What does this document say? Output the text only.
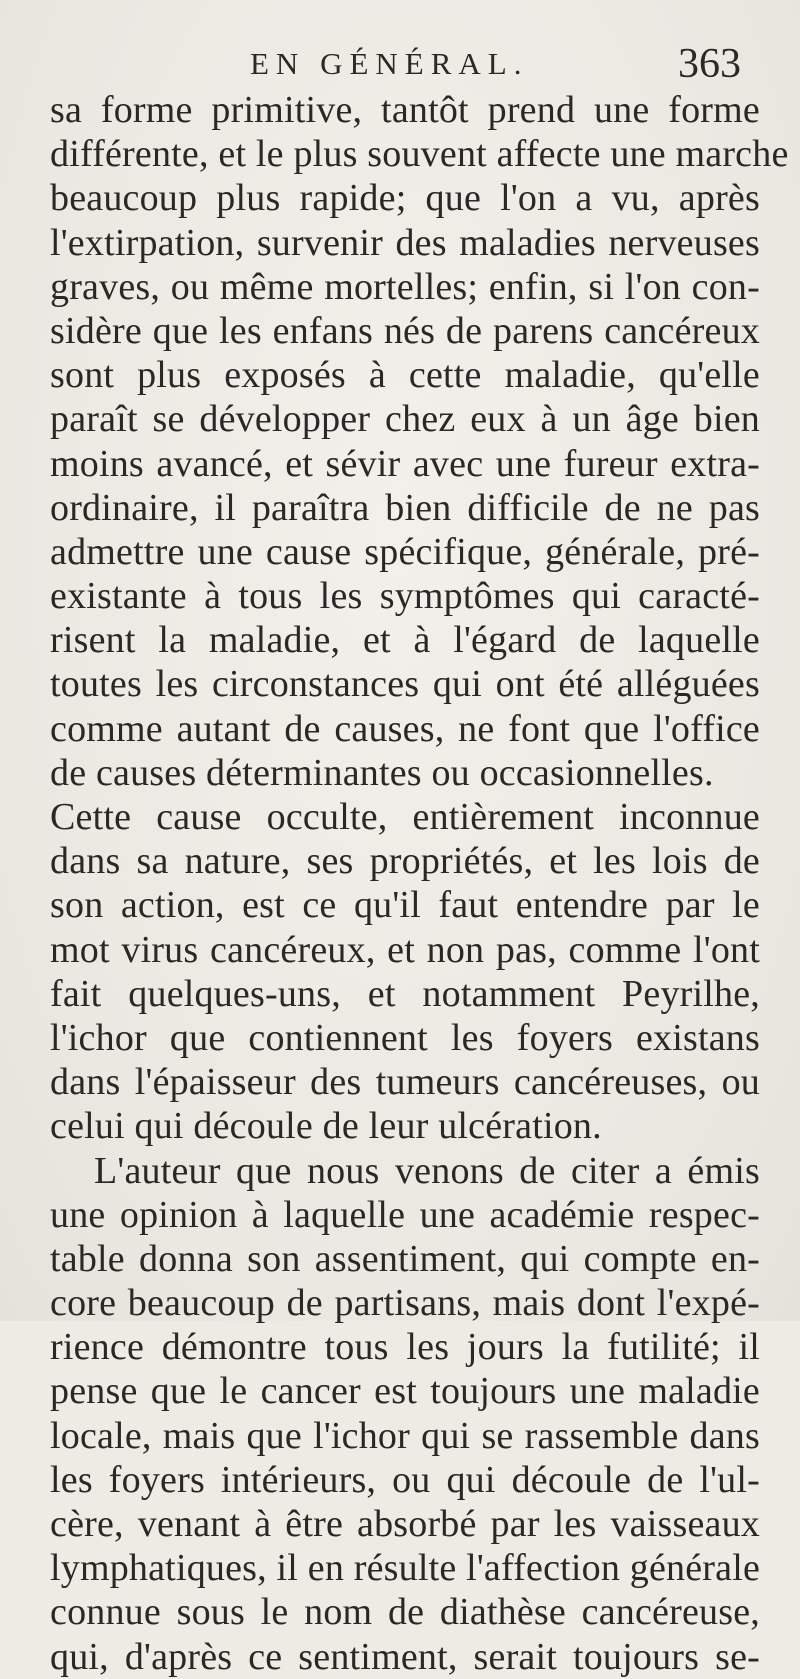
EN GÉNÉRAL.	363
sa forme primitive, tantôt prend une forme
différente, et le plus souvent affecte une marche
beaucoup plus rapide; que l'on a vu, après
l'extirpation, survenir des maladies nerveuses
graves, ou même mortelles; enfin, si l'on con-
sidère que les enfans nés de parens cancéreux
sont plus exposés à cette maladie, qu'elle
paraît se développer chez eux à un âge bien
moins avancé, et sévir avec une fureur extra-
ordinaire, il paraîtra bien difficile de ne pas
admettre une cause spécifique, générale, pré-
existante à tous les symptômes qui caracté-
risent la maladie, et à l'égard de laquelle
toutes les circonstances qui ont été alléguées
comme autant de causes, ne font que l'office
de causes déterminantes ou occasionnelles.
Cette cause occulte, entièrement inconnue
dans sa nature, ses propriétés, et les lois de
son action, est ce qu'il faut entendre par le
mot virus cancéreux, et non pas, comme l'ont
fait quelques-uns, et notamment Peyrilhe,
l'ichor que contiennent les foyers existans
dans l'épaisseur des tumeurs cancéreuses, ou
celui qui découle de leur ulcération.
L'auteur que nous venons de citer a émis
une opinion à laquelle une académie respec-
table donna son assentiment, qui compte en-
core beaucoup de partisans, mais dont l'expé-
rience démontre tous les jours la futilité; il
pense que le cancer est toujours une maladie
locale, mais que l'ichor qui se rassemble dans
les foyers intérieurs, ou qui découle de l'ul-
cère, venant à être absorbé par les vaisseaux
lymphatiques, il en résulte l'affection générale
connue sous le nom de diathèse cancéreuse,
qui, d'après ce sentiment, serait toujours se-
